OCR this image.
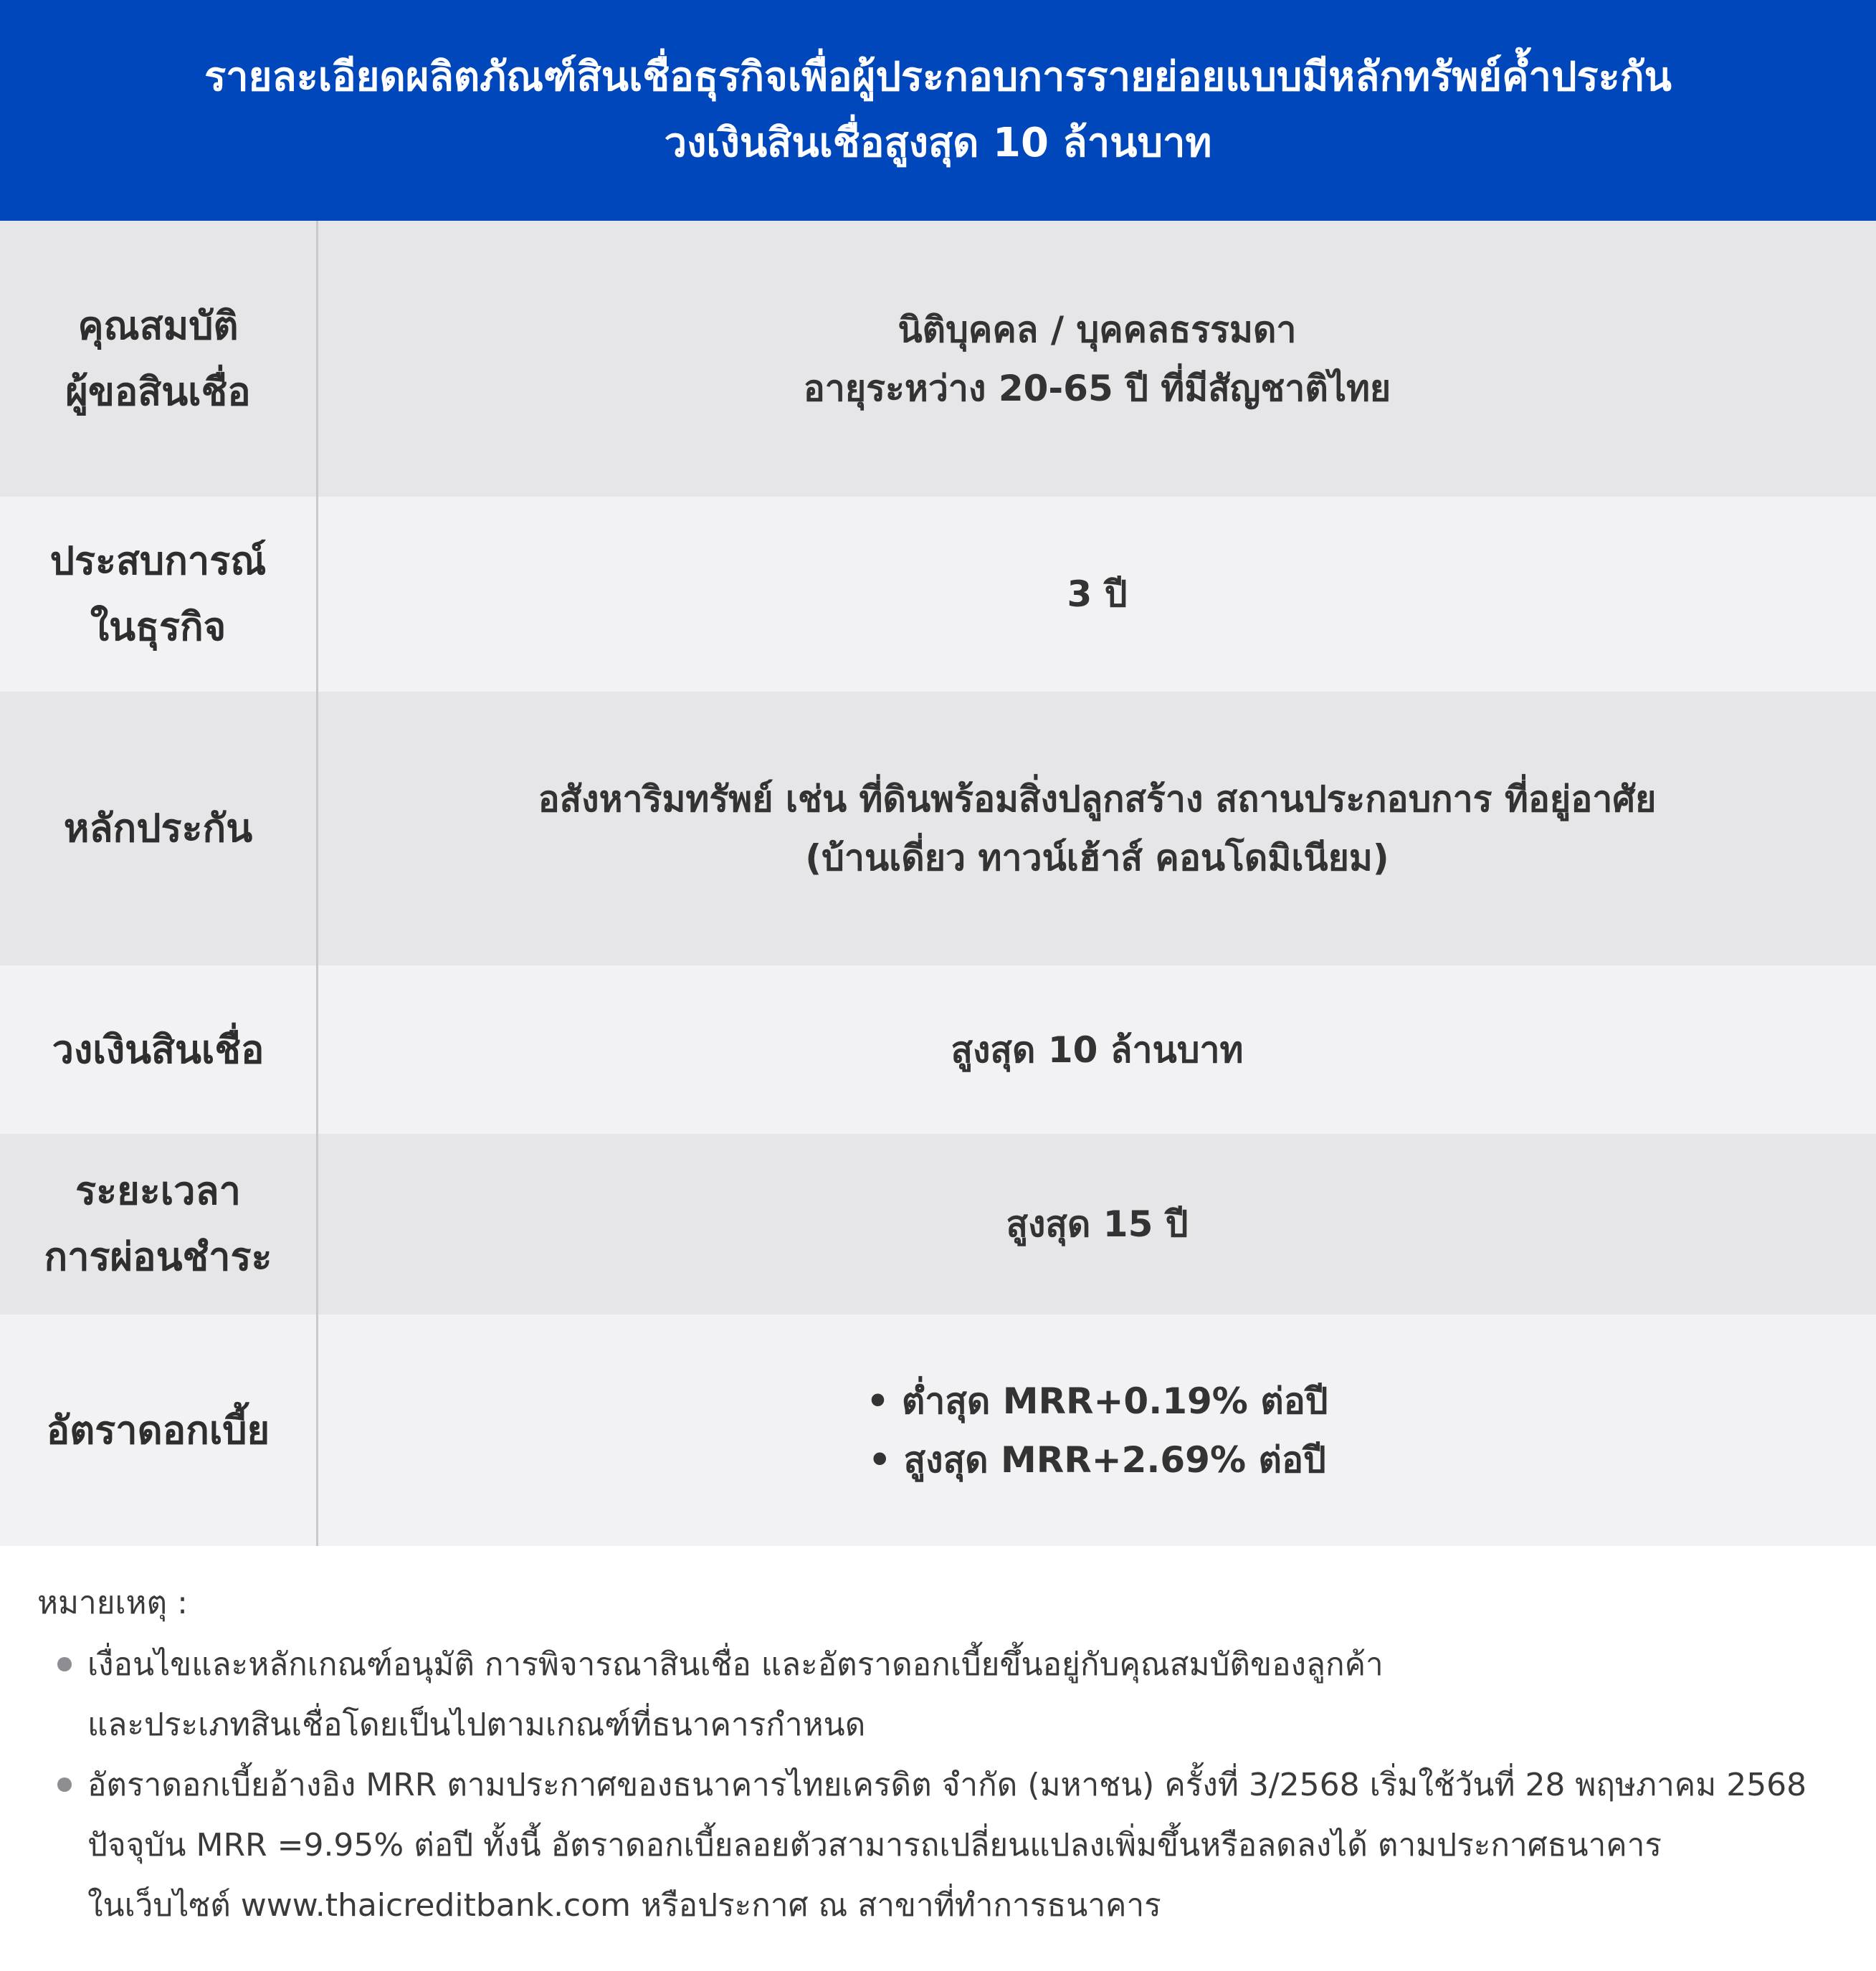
รายละเอียดผลิตภัณฑ์สินเชื่อธุรกิจเพื่อผู้ประกอบการรายย่อยแบบมีหลักทรัพย์ค้ำประกัน
วงเงินสินเชื่อสูงสุด 10 ล้านบาท
คุณสมบัติ
ผู้ขอสินเชื่อ
นิติบุคคล / บุคคลธรรมดา
อายุระหว่าง 20-65 ปี ที่มีสัญชาติไทย
ประสบการณ์
ในธุรกิจ
3 ปี
หลักประกัน
อสังหาริมทรัพย์ เช่น ที่ดินพร้อมสิ่งปลูกสร้าง สถานประกอบการ ที่อยู่อาศัย
(บ้านเดี่ยว ทาวน์เฮ้าส์ คอนโดมิเนียม)
วงเงินสินเชื่อ	สูงสุด 10 ล้านบาท
ระยะเวลา
การผ่อนชำระ
สูงสุด 15 ปี
อัตราดอกเบี้ย
• ต่ำสุด MRR+0.19% ต่อปี
• สูงสุด MRR+2.69% ต่อปี
หมายเหตุ :
เงื่อนไขและหลักเกณฑ์อนุมัติ การพิจารณาสินเชื่อ และอัตราดอกเบี้ยขึ้นอยู่กับคุณสมบัติของลูกค้า
และประเภทสินเชื่อโดยเป็นไปตามเกณฑ์ที่ธนาคารกำหนด
อัตราดอกเบี้ยอ้างอิง MRR ตามประกาศของธนาคารไทยเครดิต จำกัด (มหาชน) ครั้งที่ 3/2568 เริ่มใช้วันที่ 28 พฤษภาคม 2568
ปัจจุบัน MRR =9.95% ต่อปี ทั้งนี้ อัตราดอกเบี้ยลอยตัวสามารถเปลี่ยนแปลงเพิ่มขึ้นหรือลดลงได้ ตามประกาศธนาคาร
ในเว็บไซต์ www.thaicreditbank.com หรือประกาศ ณ สาขาที่ทำการธนาคาร
